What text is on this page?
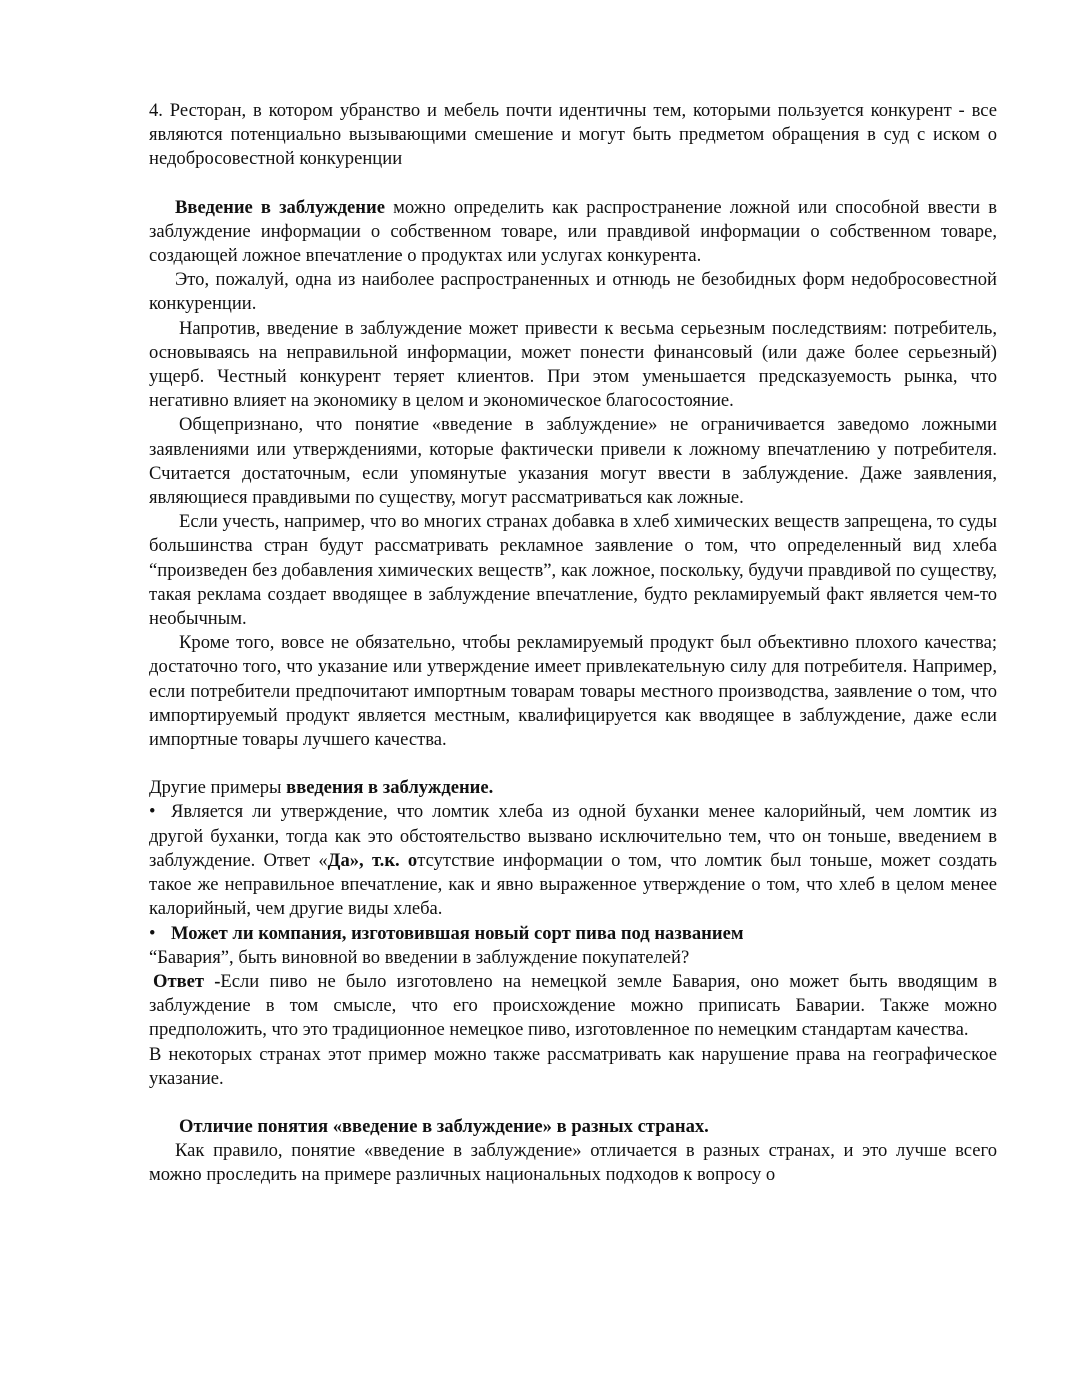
4. Ресторан, в котором убранство и мебель почти идентичны тем, которыми пользуется конкурент - все являются потенциально вызывающими смешение и могут быть предметом обращения в суд с иском о недобросовестной конкуренции

Введение в заблуждение можно определить как распространение ложной или способной ввести в заблуждение информации о собственном товаре, или правдивой информации о собственном товаре, создающей ложное впечатление о продуктах или услугах конкурента.

Это, пожалуй, одна из наиболее распространенных и отнюдь не безобидных форм недобросовестной конкуренции.

Напротив, введение в заблуждение может привести к весьма серьезным последствиям: потребитель, основываясь на неправильной информации, может понести финансовый (или даже более серьезный) ущерб. Честный конкурент теряет клиентов. При этом уменьшается предсказуемость рынка, что негативно влияет на экономику в целом и экономическое благосостояние.

Общепризнано, что понятие «введение в заблуждение» не ограничивается заведомо ложными заявлениями или утверждениями, которые фактически привели к ложному впечатлению у потребителя. Считается достаточным, если упомянутые указания могут ввести в заблуждение. Даже заявления, являющиеся правдивыми по существу, могут рассматриваться как ложные.

Если учесть, например, что во многих странах добавка в хлеб химических веществ запрещена, то суды большинства стран будут рассматривать рекламное заявление о том, что определенный вид хлеба “произведен без добавления химических веществ”, как ложное, поскольку, будучи правдивой по существу, такая реклама создает вводящее в заблуждение впечатление, будто рекламируемый факт является чем-то необычным.

Кроме того, вовсе не обязательно, чтобы рекламируемый продукт был объективно плохого качества; достаточно того, что указание или утверждение имеет привлекательную силу для потребителя. Например, если потребители предпочитают импортным товарам товары местного производства, заявление о том, что импортируемый продукт является местным, квалифицируется как вводящее в заблуждение, даже если импортные товары лучшего качества.

Другие примеры введения в заблуждение.

• Является ли утверждение, что ломтик хлеба из одной буханки менее калорийный, чем ломтик из другой буханки, тогда как это обстоятельство вызвано исключительно тем, что он тоньше, введением в заблуждение. Ответ «Да», т.к. отсутствие информации о том, что ломтик был тоньше, может создать такое же неправильное впечатление, как и явно выраженное утверждение о том, что хлеб в целом менее калорийный, чем другие виды хлеба.

• Может ли компания, изготовившая новый сорт пива под названием

“Бавария”, быть виновной во введении в заблуждение покупателей?

Ответ -Если пиво не было изготовлено на немецкой земле Бавария, оно может быть вводящим в заблуждение в том смысле, что его происхождение можно приписать Баварии. Также можно предположить, что это традиционное немецкое пиво, изготовленное по немецким стандартам качества.

В некоторых странах этот пример можно также рассматривать как нарушение права на географическое указание.

Отличие понятия «введение в заблуждение» в разных странах.

Как правило, понятие «введение в заблуждение» отличается в разных странах, и это лучше всего можно проследить на примере различных национальных подходов к вопросу о
